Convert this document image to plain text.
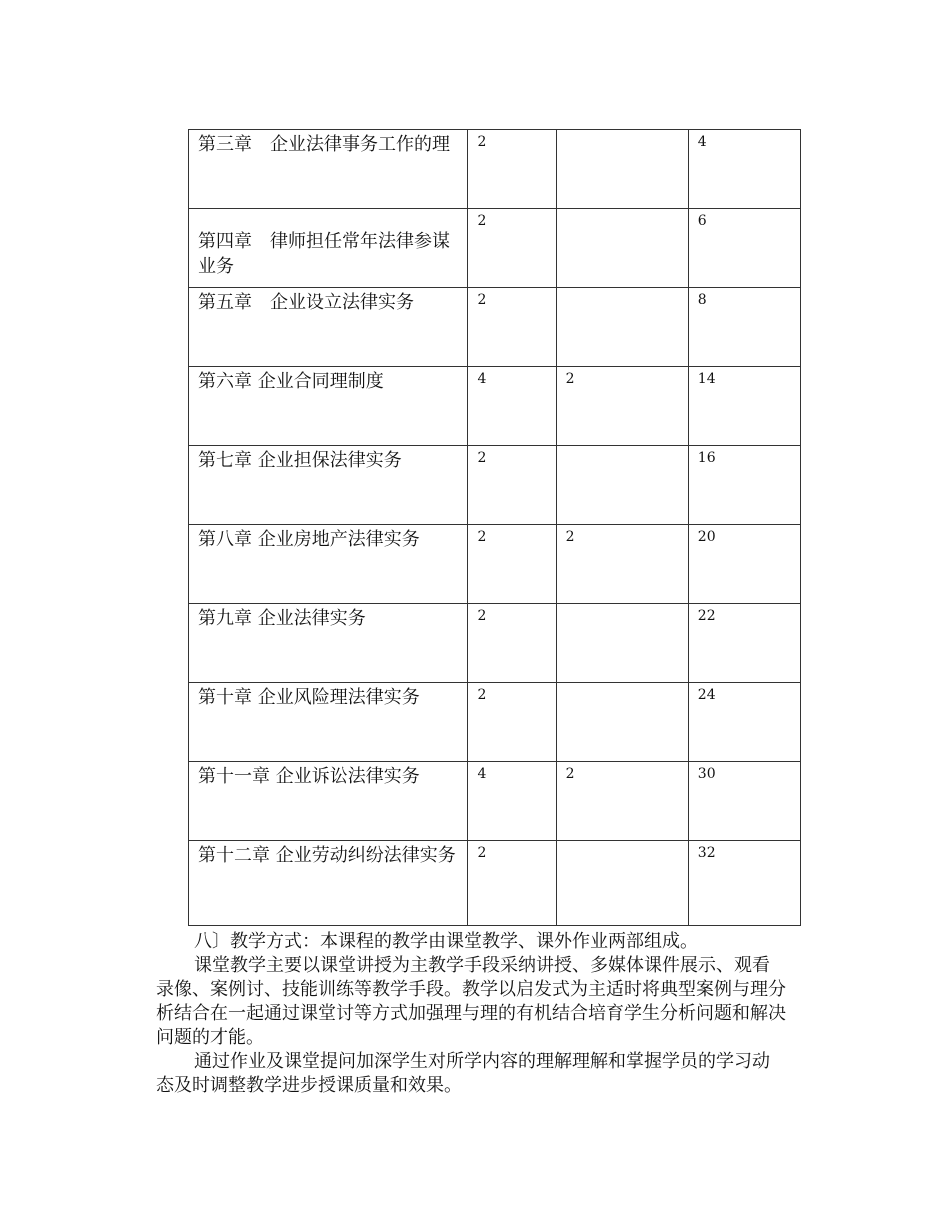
第三章　企业法律事务工作的理	2		4

第四章　律师担任常年法律参谋业务	2		6
第五章　企业设立法律实务	2		8
第六章 企业合同理制度	4	2	14
第七章 企业担保法律实务	2		16
第八章 企业房地产法律实务	2	2	20
第九章 企业法律实务	2		22
第十章 企业风险理法律实务	2		24
第十一章 企业诉讼法律实务	4	2	30
第十二章 企业劳动纠纷法律实务	2		32

八〕教学方式：本课程的教学由课堂教学、课外作业两部组成。

课堂教学主要以课堂讲授为主教学手段采纳讲授、多媒体课件展示、观看录像、案例讨、技能训练等教学手段。教学以启发式为主适时将典型案例与理分析结合在一起通过课堂讨等方式加强理与理的有机结合培育学生分析问题和解决问题的才能。

通过作业及课堂提问加深学生对所学内容的理解理解和掌握学员的学习动态及时调整教学进步授课质量和效果。
